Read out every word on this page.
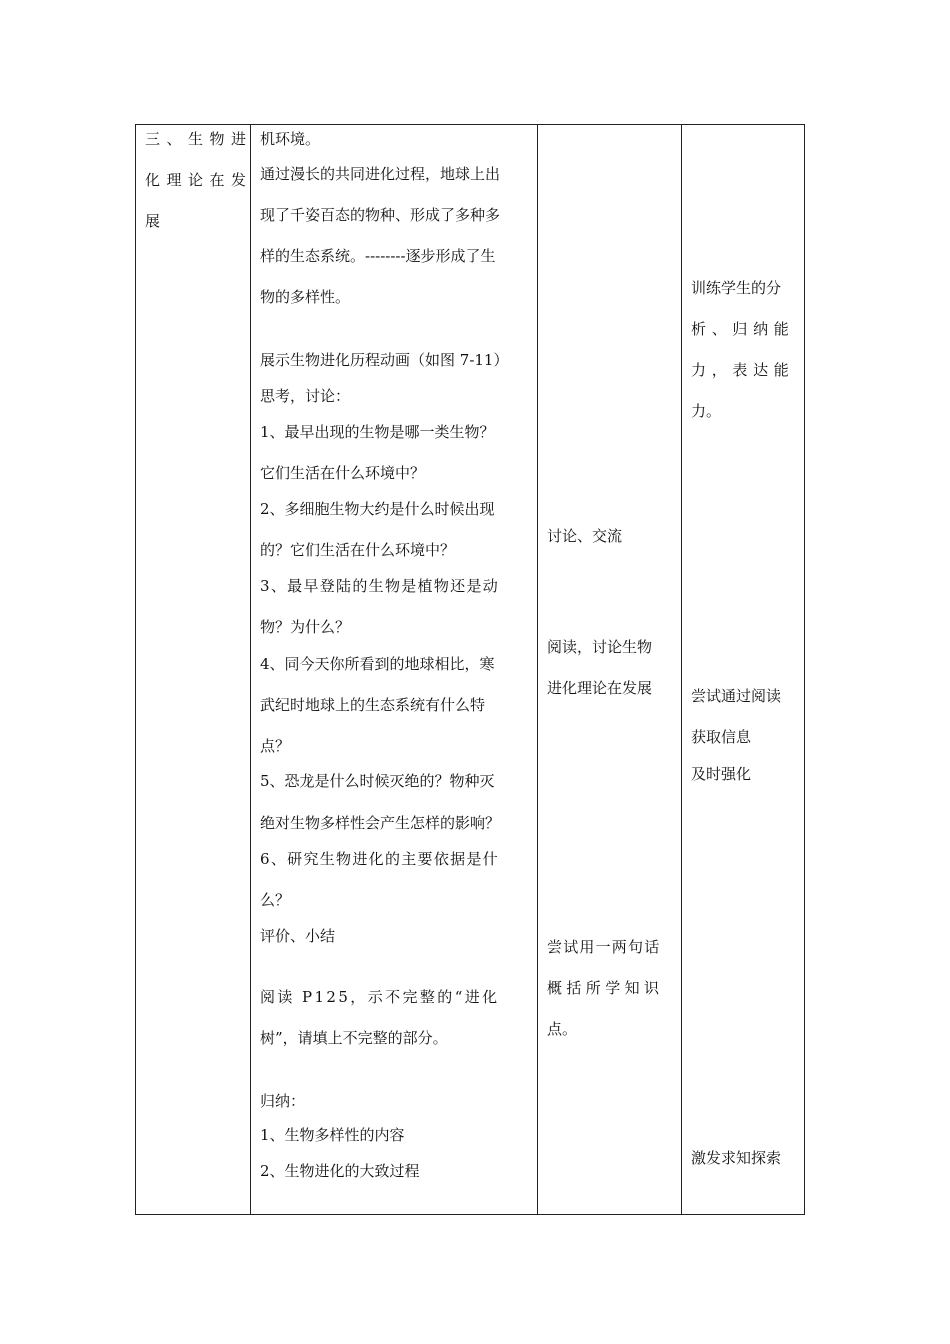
三、生物进
化理论在发
展
机环境。
通过漫长的共同进化过程，地球上出
现了千姿百态的物种、形成了多种多
样的生态系统。--------逐步形成了生
物的多样性。
展示生物进化历程动画（如图 7-11）
思考，讨论：
1、最早出现的生物是哪一类生物？
它们生活在什么环境中？
2、多细胞生物大约是什么时候出现
的？它们生活在什么环境中？
3、最早登陆的生物是植物还是动
物？为什么？
4、同今天你所看到的地球相比，寒
武纪时地球上的生态系统有什么特
点？
5、恐龙是什么时候灭绝的？物种灭
绝对生物多样性会产生怎样的影响？
6、研究生物进化的主要依据是什
么？
评价、小结
阅读 P125，示不完整的“进化
树”，请填上不完整的部分。
归纳：
1、生物多样性的内容
2、生物进化的大致过程
讨论、交流
阅读，讨论生物
进化理论在发展
尝试用一两句话
概括所学知识
点。
训练学生的分
析、归纳能
力，表达能
力。
尝试通过阅读
获取信息
及时强化
激发求知探索
